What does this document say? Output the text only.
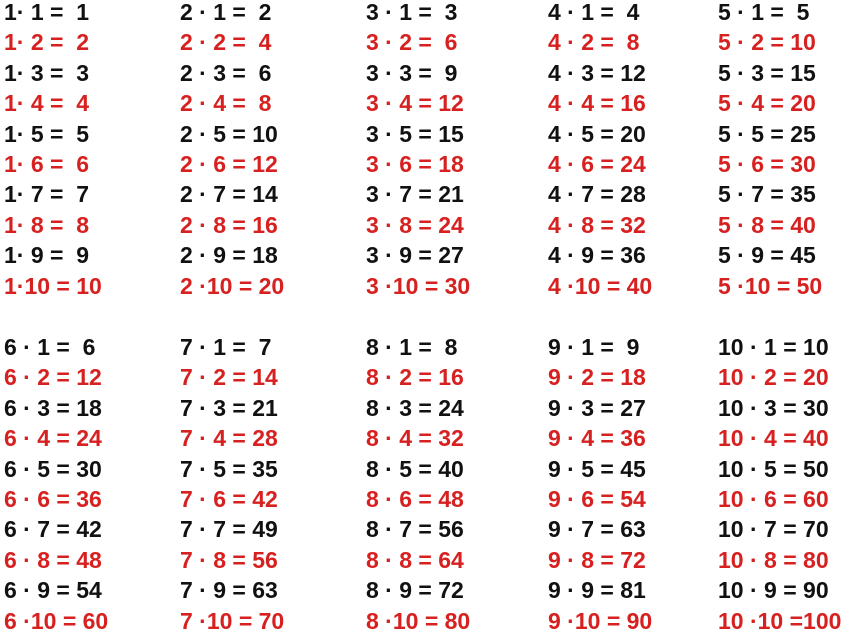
1· 1 =  1
1· 2 =  2
1· 3 =  3
1· 4 =  4
1· 5 =  5
1· 6 =  6
1· 7 =  7
1· 8 =  8
1· 9 =  9
1·10 = 10
2 · 1 =  2
2 · 2 =  4
2 · 3 =  6
2 · 4 =  8
2 · 5 = 10
2 · 6 = 12
2 · 7 = 14
2 · 8 = 16
2 · 9 = 18
2 ·10 = 20
3 · 1 =  3
3 · 2 =  6
3 · 3 =  9
3 · 4 = 12
3 · 5 = 15
3 · 6 = 18
3 · 7 = 21
3 · 8 = 24
3 · 9 = 27
3 ·10 = 30
4 · 1 =  4
4 · 2 =  8
4 · 3 = 12
4 · 4 = 16
4 · 5 = 20
4 · 6 = 24
4 · 7 = 28
4 · 8 = 32
4 · 9 = 36
4 ·10 = 40
5 · 1 =  5
5 · 2 = 10
5 · 3 = 15
5 · 4 = 20
5 · 5 = 25
5 · 6 = 30
5 · 7 = 35
5 · 8 = 40
5 · 9 = 45
5 ·10 = 50
6 · 1 =  6
6 · 2 = 12
6 · 3 = 18
6 · 4 = 24
6 · 5 = 30
6 · 6 = 36
6 · 7 = 42
6 · 8 = 48
6 · 9 = 54
6 ·10 = 60
7 · 1 =  7
7 · 2 = 14
7 · 3 = 21
7 · 4 = 28
7 · 5 = 35
7 · 6 = 42
7 · 7 = 49
7 · 8 = 56
7 · 9 = 63
7 ·10 = 70
8 · 1 =  8
8 · 2 = 16
8 · 3 = 24
8 · 4 = 32
8 · 5 = 40
8 · 6 = 48
8 · 7 = 56
8 · 8 = 64
8 · 9 = 72
8 ·10 = 80
9 · 1 =  9
9 · 2 = 18
9 · 3 = 27
9 · 4 = 36
9 · 5 = 45
9 · 6 = 54
9 · 7 = 63
9 · 8 = 72
9 · 9 = 81
9 ·10 = 90
10 · 1 = 10
10 · 2 = 20
10 · 3 = 30
10 · 4 = 40
10 · 5 = 50
10 · 6 = 60
10 · 7 = 70
10 · 8 = 80
10 · 9 = 90
10 ·10 =100
